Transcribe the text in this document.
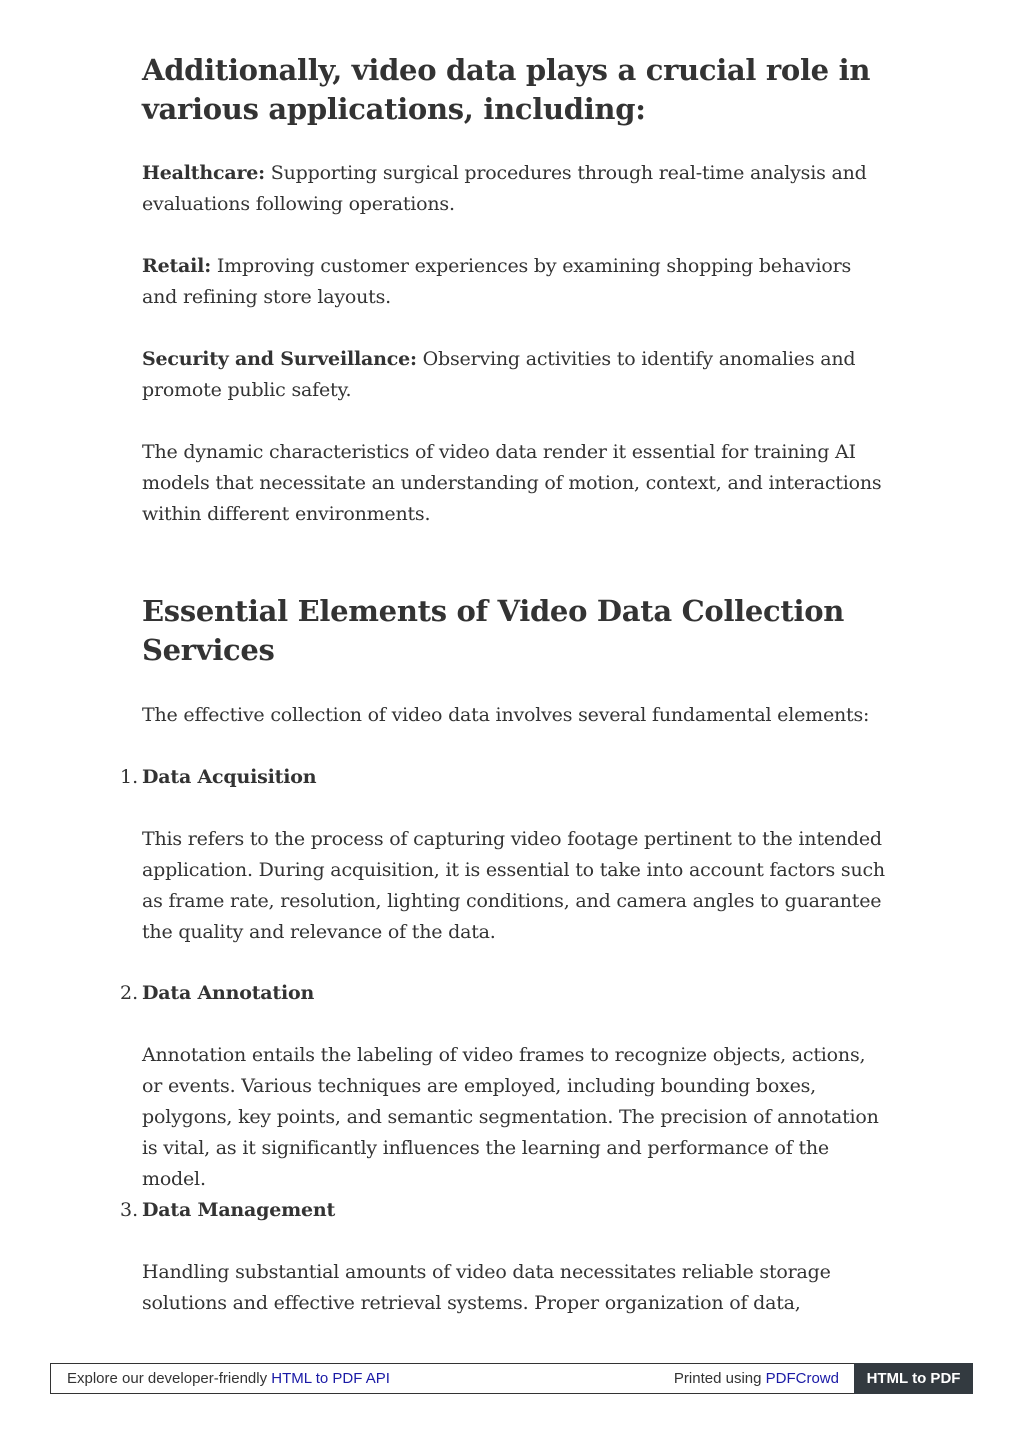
Additionally, video data plays a crucial role in various applications, including:

Healthcare: Supporting surgical procedures through real-time analysis and evaluations following operations.

Retail: Improving customer experiences by examining shopping behaviors and refining store layouts.

Security and Surveillance: Observing activities to identify anomalies and promote public safety.

The dynamic characteristics of video data render it essential for training AI models that necessitate an understanding of motion, context, and interactions within different environments.

Essential Elements of Video Data Collection Services

The effective collection of video data involves several fundamental elements:

1. Data Acquisition

This refers to the process of capturing video footage pertinent to the intended application. During acquisition, it is essential to take into account factors such as frame rate, resolution, lighting conditions, and camera angles to guarantee the quality and relevance of the data.

2. Data Annotation

Annotation entails the labeling of video frames to recognize objects, actions, or events. Various techniques are employed, including bounding boxes, polygons, key points, and semantic segmentation. The precision of annotation is vital, as it significantly influences the learning and performance of the model.

3. Data Management

Handling substantial amounts of video data necessitates reliable storage solutions and effective retrieval systems. Proper organization of data,

Explore our developer-friendly HTML to PDF API	Printed using PDFCrowd	HTML to PDF
